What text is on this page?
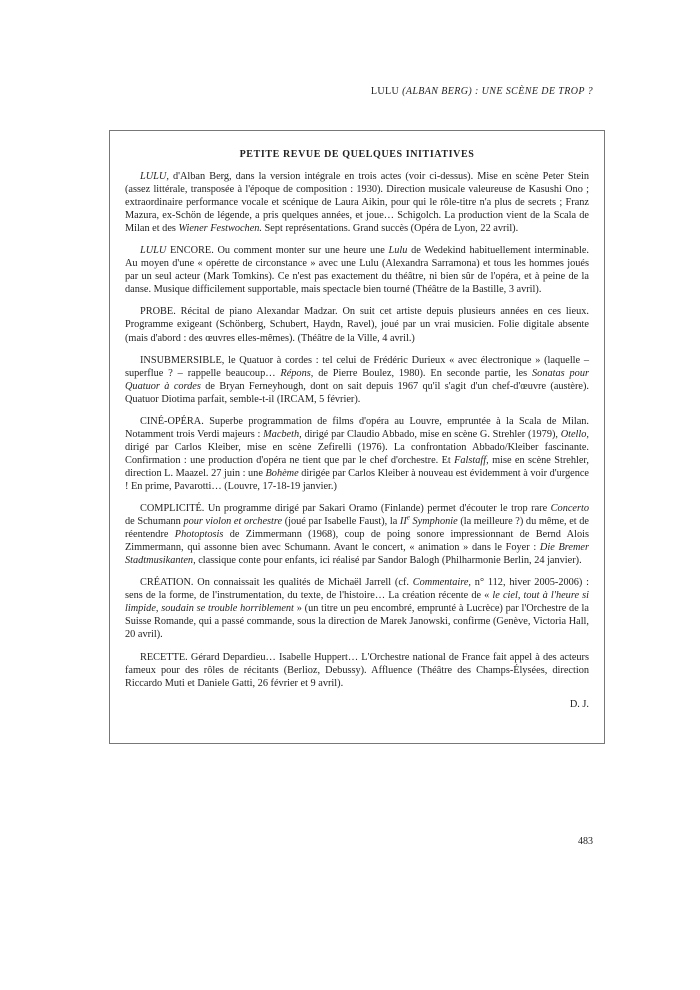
LULU (ALBAN BERG) : UNE SCÈNE DE TROP ?
PETITE REVUE DE QUELQUES INITIATIVES

LULU, d'Alban Berg, dans la version intégrale en trois actes (voir ci-dessus). Mise en scène Peter Stein (assez littérale, transposée à l'époque de composition : 1930). Direction musicale valeureuse de Kasushi Ono ; extraordinaire performance vocale et scénique de Laura Aikin, pour qui le rôle-titre n'a plus de secrets ; Franz Mazura, ex-Schön de légende, a pris quelques années, et joue… Schigolch. La production vient de la Scala de Milan et des Wiener Festwochen. Sept représentations. Grand succès (Opéra de Lyon, 22 avril).

LULU ENCORE. Ou comment monter sur une heure une Lulu de Wedekind habituellement interminable. Au moyen d'une « opérette de circonstance » avec une Lulu (Alexandra Sarramona) et tous les hommes joués par un seul acteur (Mark Tomkins). Ce n'est pas exactement du théâtre, ni bien sûr de l'opéra, et à peine de la danse. Musique difficilement supportable, mais spectacle bien tourné (Théâtre de la Bastille, 3 avril).

PROBE. Récital de piano Alexandar Madzar. On suit cet artiste depuis plusieurs années en ces lieux. Programme exigeant (Schönberg, Schubert, Haydn, Ravel), joué par un vrai musicien. Folie digitale absente (mais d'abord : des œuvres elles-mêmes). (Théâtre de la Ville, 4 avril.)

INSUBMERSIBLE, le Quatuor à cordes : tel celui de Frédéric Durieux « avec électronique » (laquelle – superflue ? – rappelle beaucoup… Répons, de Pierre Boulez, 1980). En seconde partie, les Sonatas pour Quatuor à cordes de Bryan Ferneyhough, dont on sait depuis 1967 qu'il s'agit d'un chef-d'œuvre (austère). Quatuor Diotima parfait, semble-t-il (IRCAM, 5 février).

CINÉ-OPÉRA. Superbe programmation de films d'opéra au Louvre, empruntée à la Scala de Milan. Notamment trois Verdi majeurs : Macbeth, dirigé par Claudio Abbado, mise en scène G. Strehler (1979), Otello, dirigé par Carlos Kleiber, mise en scène Zefirelli (1976). La confrontation Abbado/Kleiber fascinante. Confirmation : une production d'opéra ne tient que par le chef d'orchestre. Et Falstaff, mise en scène Strehler, direction L. Maazel. 27 juin : une Bohème dirigée par Carlos Kleiber à nouveau est évidemment à voir d'urgence ! En prime, Pavarotti… (Louvre, 17-18-19 janvier.)

COMPLICITÉ. Un programme dirigé par Sakari Oramo (Finlande) permet d'écouter le trop rare Concerto de Schumann pour violon et orchestre (joué par Isabelle Faust), la IIe Symphonie (la meilleure ?) du même, et de réentendre Photoptosis de Zimmermann (1968), coup de poing sonore impressionnant de Bernd Alois Zimmermann, qui assonne bien avec Schumann. Avant le concert, « animation » dans le Foyer : Die Bremer Stadtmusikanten, classique conte pour enfants, ici réalisé par Sandor Balogh (Philharmonie Berlin, 24 janvier).

CRÉATION. On connaissait les qualités de Michaël Jarrell (cf. Commentaire, n° 112, hiver 2005-2006) : sens de la forme, de l'instrumentation, du texte, de l'histoire… La création récente de « le ciel, tout à l'heure si limpide, soudain se trouble horriblement » (un titre un peu encombré, emprunté à Lucrèce) par l'Orchestre de la Suisse Romande, qui a passé commande, sous la direction de Marek Janowski, confirme (Genève, Victoria Hall, 20 avril).

RECETTE. Gérard Depardieu… Isabelle Huppert… L'Orchestre national de France fait appel à des acteurs fameux pour des rôles de récitants (Berlioz, Debussy). Affluence (Théâtre des Champs-Élysées, direction Riccardo Muti et Daniele Gatti, 26 février et 9 avril).

D. J.
483
